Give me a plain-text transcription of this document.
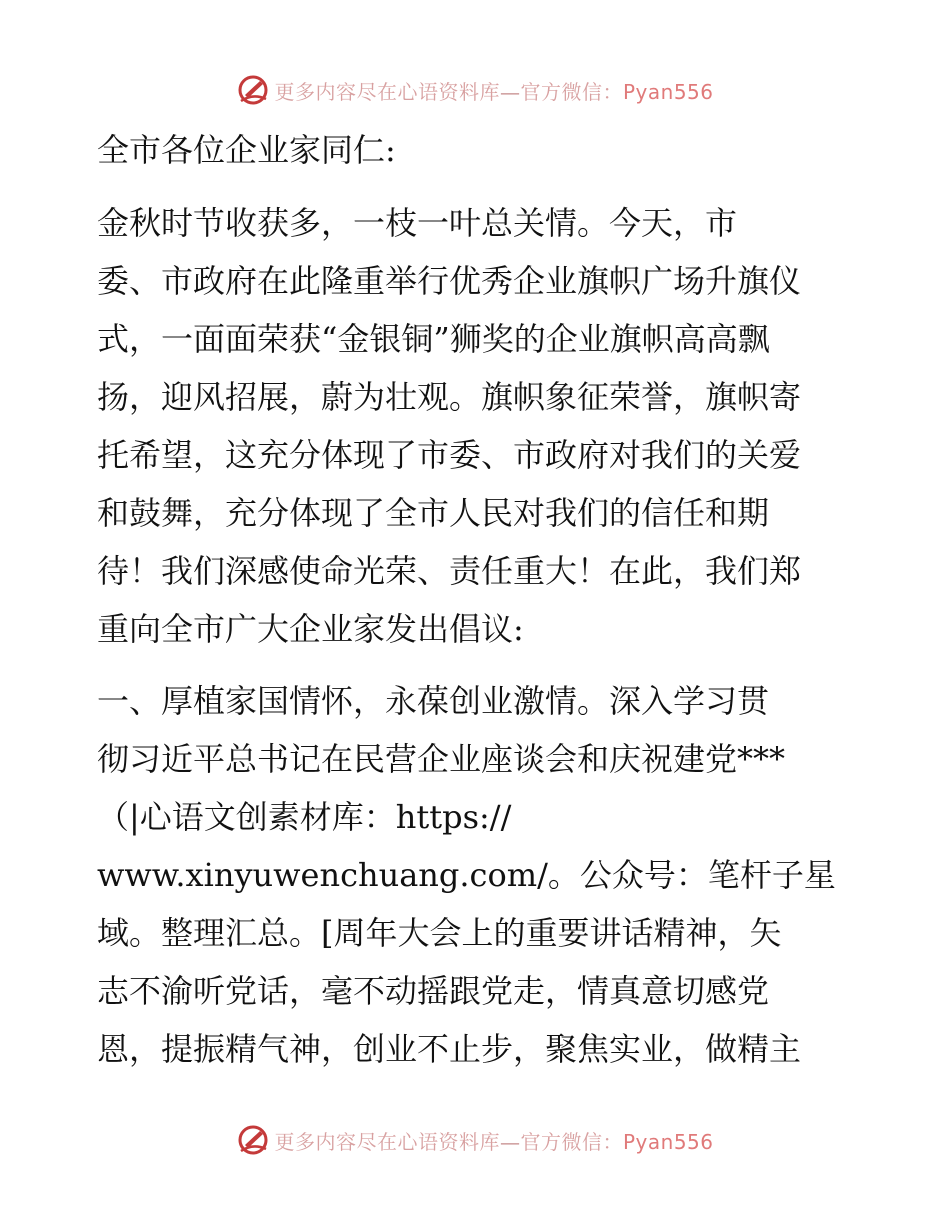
更多内容尽在心语资料库—官方微信：Pyan556
全市各位企业家同仁:
金秋时节收获多，一枝一叶总关情。今天，市
委、市政府在此隆重举行优秀企业旗帜广场升旗仪
式，一面面荣获“金银铜”狮奖的企业旗帜高高飘
扬，迎风招展，蔚为壮观。旗帜象征荣誉，旗帜寄
托希望，这充分体现了市委、市政府对我们的关爱
和鼓舞，充分体现了全市人民对我们的信任和期
待！我们深感使命光荣、责任重大！在此，我们郑
重向全市广大企业家发出倡议:
一、厚植家国情怀，永葆创业激情。深入学习贯
彻习近平总书记在民营企业座谈会和庆祝建党***
（|心语文创素材库：https://
www.xinyuwenchuang.com/。公众号：笔杆子星
域。整理汇总。[周年大会上的重要讲话精神，矢
志不渝听党话，毫不动摇跟党走，情真意切感党
恩，提振精气神，创业不止步，聚焦实业，做精主
更多内容尽在心语资料库—官方微信：Pyan556
